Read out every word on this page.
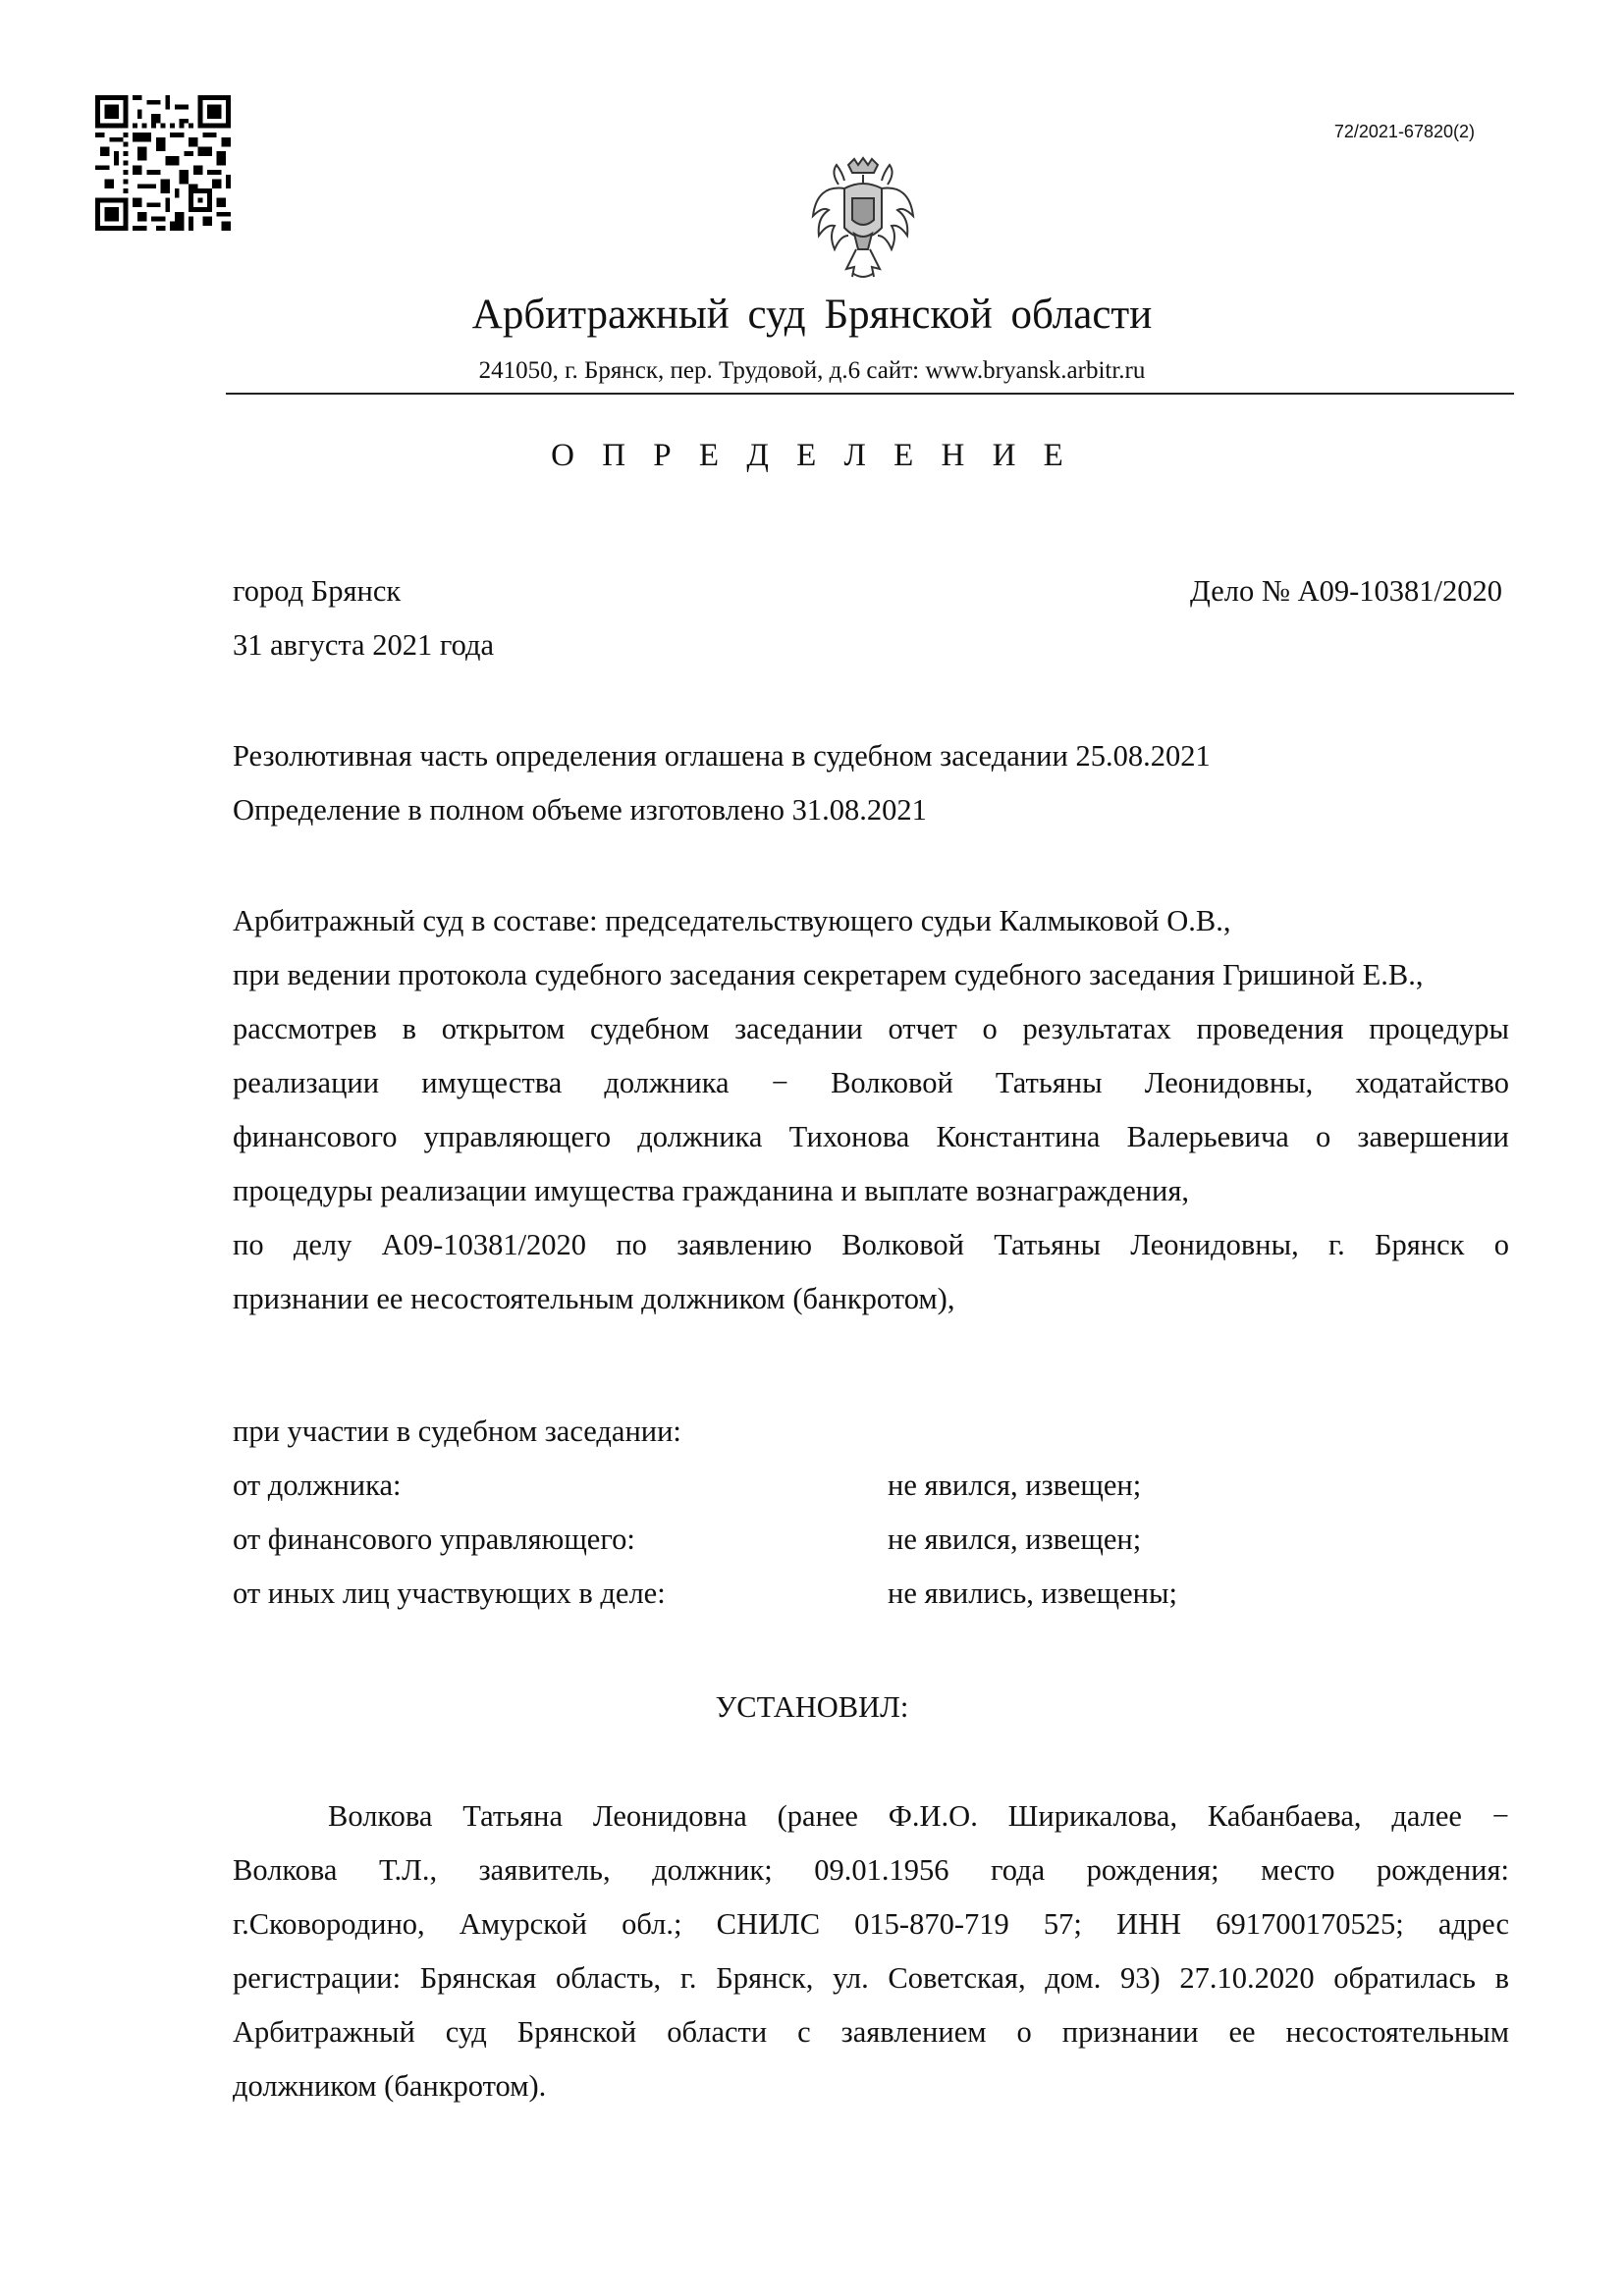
72/2021-67820(2)
Арбитражный суд Брянской области
241050, г. Брянск, пер. Трудовой, д.6 сайт: www.bryansk.arbitr.ru
О П Р Е Д Е Л Е Н И Е
город Брянск	Дело № А09-10381/2020
31 августа 2021 года
Резолютивная часть определения оглашена в судебном заседании 25.08.2021
Определение в полном объеме изготовлено 31.08.2021
Арбитражный суд в составе: председательствующего судьи Калмыковой О.В.,
при ведении протокола судебного заседания секретарем судебного заседания Гришиной Е.В.,
рассмотрев в открытом судебном заседании отчет о результатах проведения процедуры
реализации имущества должника − Волковой Татьяны Леонидовны, ходатайство
финансового управляющего должника Тихонова Константина Валерьевича о завершении
процедуры реализации имущества гражданина и выплате вознаграждения,
по делу А09-10381/2020 по заявлению Волковой Татьяны Леонидовны, г. Брянск о
признании ее несостоятельным должником (банкротом),
при участии в судебном заседании:
от должника:	не явился, извещен;
от финансового управляющего:	не явился, извещен;
от иных лиц участвующих в деле:	не явились, извещены;
УСТАНОВИЛ:
Волкова Татьяна Леонидовна (ранее Ф.И.О. Ширикалова, Кабанбаева, далее −
Волкова Т.Л., заявитель, должник; 09.01.1956 года рождения; место рождения:
г.Сковородино, Амурской обл.; СНИЛС 015-870-719 57; ИНН 691700170525; адрес
регистрации: Брянская область, г. Брянск, ул. Советская, дом. 93) 27.10.2020 обратилась в
Арбитражный суд Брянской области с заявлением о признании ее несостоятельным
должником (банкротом).
